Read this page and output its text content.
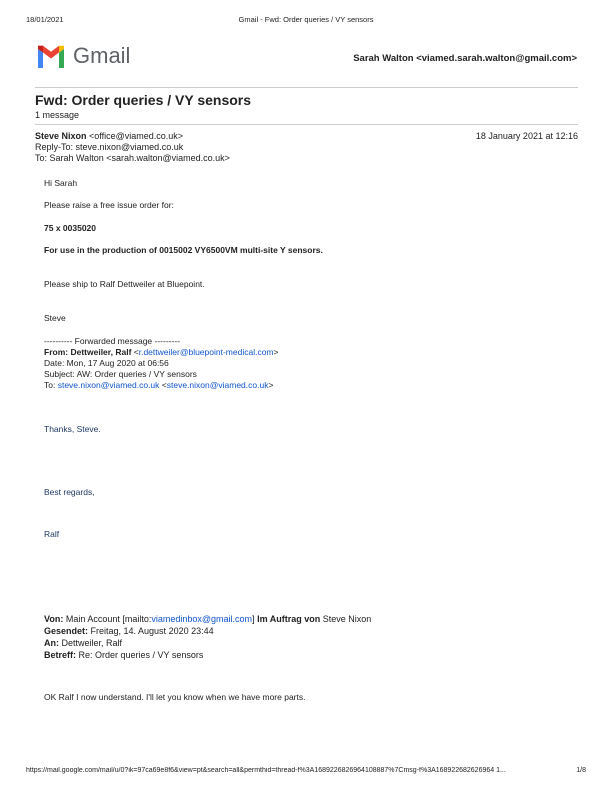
18/01/2021	Gmail - Fwd: Order queries / VY sensors
Gmail	Sarah Walton <viamed.sarah.walton@gmail.com>
Fwd: Order queries / VY sensors
1 message
Steve Nixon <office@viamed.co.uk>	18 January 2021 at 12:16
Reply-To: steve.nixon@viamed.co.uk
To: Sarah Walton <sarah.walton@viamed.co.uk>
Hi Sarah
Please raise a free issue order for:
75 x 0035020
For use in the production of 0015002 VY6500VM multi-site Y sensors.
Please ship to Ralf Dettweiler at Bluepoint.
Steve
---------- Forwarded message ---------
From: Dettweiler, Ralf <r.dettweiler@bluepoint-medical.com>
Date: Mon, 17 Aug 2020 at 06:56
Subject: AW: Order queries / VY sensors
To: steve.nixon@viamed.co.uk <steve.nixon@viamed.co.uk>
Thanks, Steve.
Best regards,
Ralf
Von: Main Account [mailto:viamedinbox@gmail.com] Im Auftrag von Steve Nixon
Gesendet: Freitag, 14. August 2020 23:44
An: Dettweiler, Ralf
Betreff: Re: Order queries / VY sensors
OK Ralf I now understand. I'll let you know when we have more parts.
https://mail.google.com/mail/u/0?ik=97ca69e8f6&view=pt&search=all&permthid=thread-f%3A1689226826964108887%7Cmsg-f%3A168922682626964 1...	1/8
